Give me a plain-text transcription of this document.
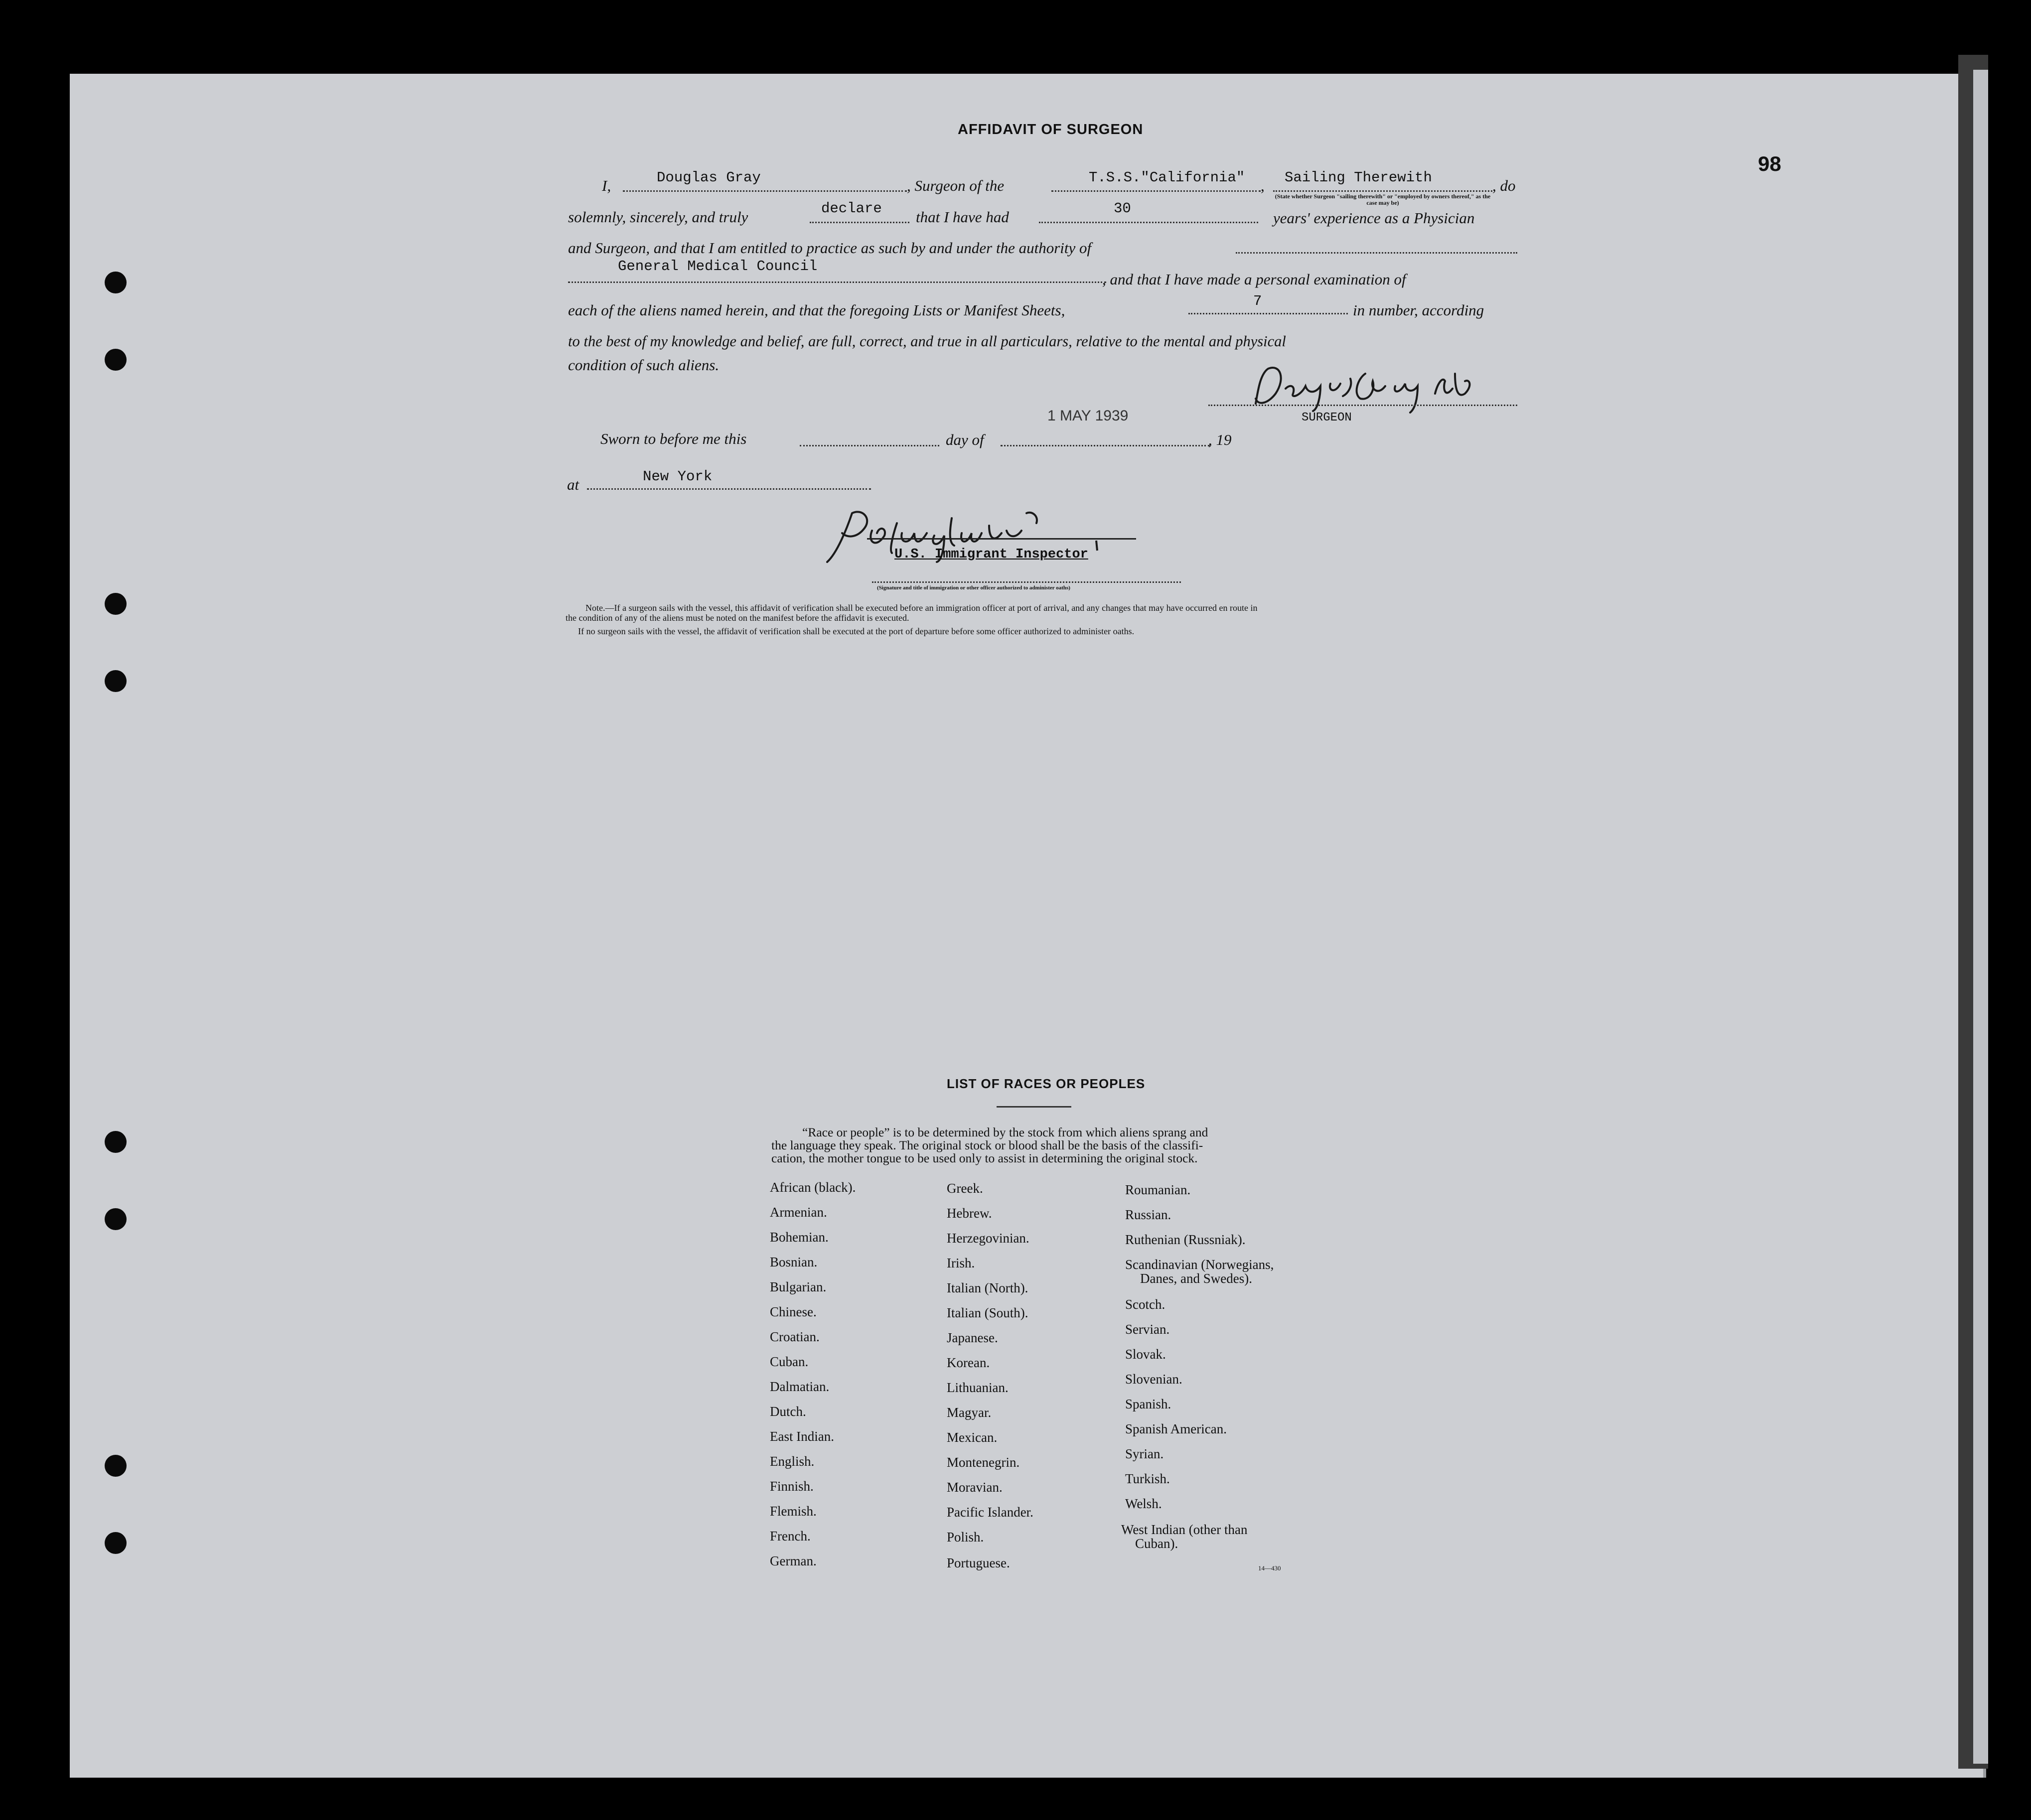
98
AFFIDAVIT OF SURGEON
I,	Douglas Gray	, Surgeon of the	T.S.S."California" , Sailing Therewith	, do
(State whether Surgeon "sailing therewith" or "employed by owners thereof," as the case may be)
solemnly, sincerely, and truly	declare that I have had	30
years' experience as a Physician
and Surgeon, and that I am entitled to practice as such by and under the authority of
General Medical Council
, and that I have made a personal examination of
each of the aliens named herein, and that the foregoing Lists or Manifest Sheets,
7
in number, according
to the best of my knowledge and belief, are full, correct, and true in all particulars, relative to the mental and physical
condition of such aliens.
SURGEON
1 MAY 1939
Sworn to before me this	day of	, 19
at	New York
U.S. Immigrant Inspector
(Signature and title of immigration or other officer authorized to administer oaths)
Note.—If a surgeon sails with the vessel, this affidavit of verification shall be executed before an immigration officer at port of arrival, and any changes that may have occurred en route in
the condition of any of the aliens must be noted on the manifest before the affidavit is executed.
If no surgeon sails with the vessel, the affidavit of verification shall be executed at the port of departure before some officer authorized to administer oaths.
LIST OF RACES OR PEOPLES
“Race or people” is to be determined by the stock from which aliens sprang and
the language they speak. The original stock or blood shall be the basis of the classifi-
cation, the mother tongue to be used only to assist in determining the original stock.
African (black).
Armenian.
Bohemian.
Bosnian.
Bulgarian.
Chinese.
Croatian.
Cuban.
Dalmatian.
Dutch.
East Indian.
English.
Finnish.
Flemish.
French.
German.
Greek.
Hebrew.
Herzegovinian.
Irish.
Italian (North).
Italian (South).
Japanese.
Korean.
Lithuanian.
Magyar.
Mexican.
Montenegrin.
Moravian.
Pacific Islander.
Polish.
Portuguese.
Roumanian.
Russian.
Ruthenian (Russniak).
Scandinavian (Norwegians,
Danes, and Swedes).
Scotch.
Servian.
Slovak.
Slovenian.
Spanish.
Spanish American.
Syrian.
Turkish.
Welsh.
West Indian (other than
Cuban).
14—430
